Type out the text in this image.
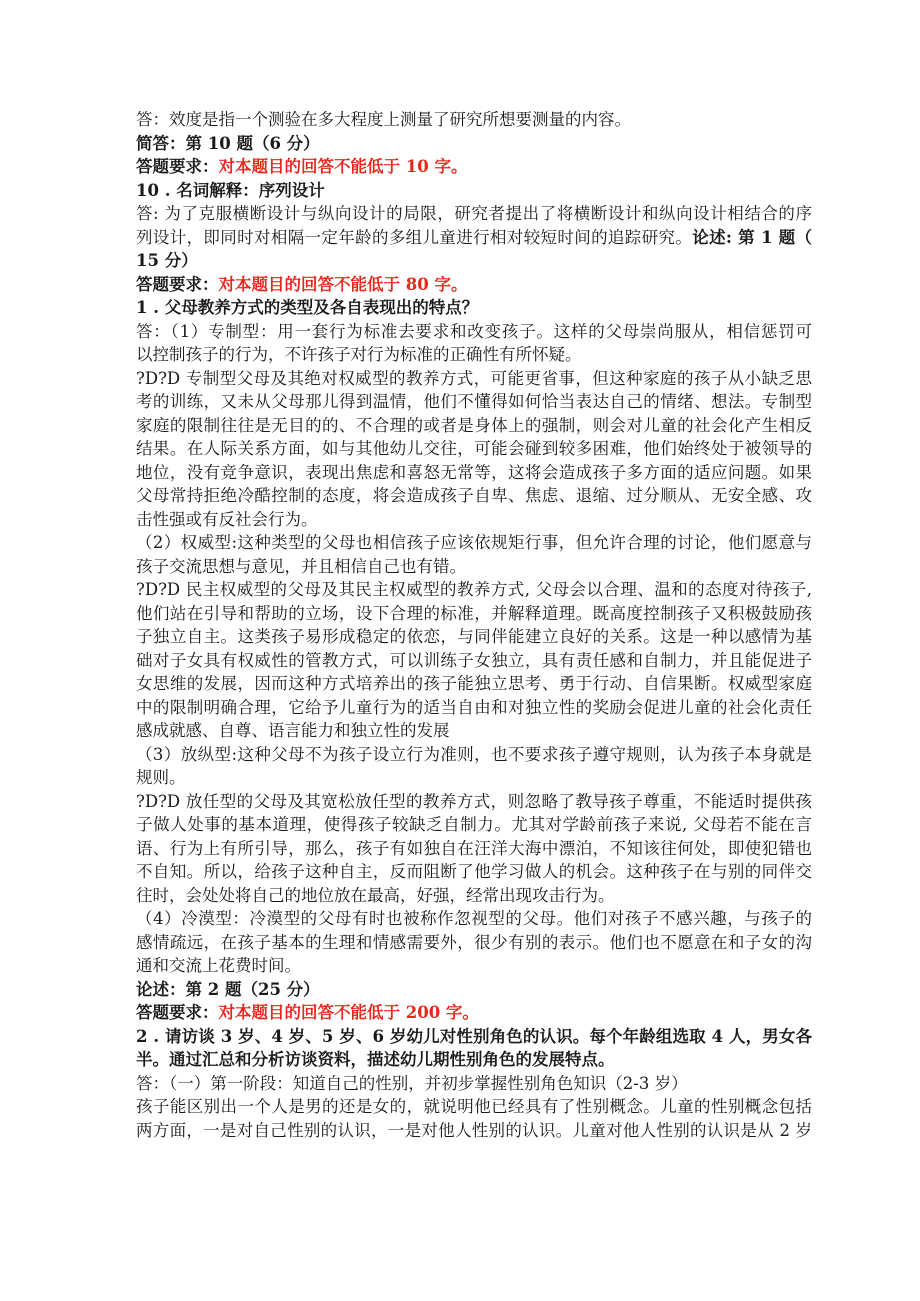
答：效度是指一个测验在多大程度上测量了研究所想要测量的内容。
简答：第 10 题（6 分）
答题要求：对本题目的回答不能低于 10 字。
10 . 名词解释：序列设计
答: 为了克服横断设计与纵向设计的局限，研究者提出了将横断设计和纵向设计相结合的序
列设计，即同时对相隔一定年龄的多组儿童进行相对较短时间的追踪研究。论述: 第 1 题（
15 分）
答题要求：对本题目的回答不能低于 80 字。
1 . 父母教养方式的类型及各自表现出的特点？
答：（1）专制型：用一套行为标准去要求和改变孩子。这样的父母崇尚服从，相信惩罚可
以控制孩子的行为，不许孩子对行为标准的正确性有所怀疑。
?D?D 专制型父母及其绝对权威型的教养方式，可能更省事，但这种家庭的孩子从小缺乏思
考的训练，又未从父母那儿得到温情，他们不懂得如何恰当表达自己的情绪、想法。专制型
家庭的限制往往是无目的的、不合理的或者是身体上的强制，则会对儿童的社会化产生相反
结果。在人际关系方面，如与其他幼儿交往，可能会碰到较多困难，他们始终处于被领导的
地位，没有竞争意识，表现出焦虑和喜怒无常等，这将会造成孩子多方面的适应问题。如果
父母常持拒绝冷酷控制的态度，将会造成孩子自卑、焦虑、退缩、过分顺从、无安全感、攻
击性强或有反社会行为。
（2）权威型:这种类型的父母也相信孩子应该依规矩行事，但允许合理的讨论，他们愿意与
孩子交流思想与意见，并且相信自己也有错。
?D?D 民主权威型的父母及其民主权威型的教养方式, 父母会以合理、温和的态度对待孩子,
他们站在引导和帮助的立场，设下合理的标准，并解释道理。既高度控制孩子又积极鼓励孩
子独立自主。这类孩子易形成稳定的依恋，与同伴能建立良好的关系。这是一种以感情为基
础对子女具有权威性的管教方式，可以训练子女独立，具有责任感和自制力，并且能促进子
女思维的发展，因而这种方式培养出的孩子能独立思考、勇于行动、自信果断。权威型家庭
中的限制明确合理，它给予儿童行为的适当自由和对独立性的奖励会促进儿童的社会化责任
感成就感、自尊、语言能力和独立性的发展
（3）放纵型:这种父母不为孩子设立行为准则，也不要求孩子遵守规则，认为孩子本身就是
规则。
?D?D 放任型的父母及其宽松放任型的教养方式，则忽略了教导孩子尊重，不能适时提供孩
子做人处事的基本道理，使得孩子较缺乏自制力。尤其对学龄前孩子来说, 父母若不能在言
语、行为上有所引导，那么，孩子有如独自在汪洋大海中漂泊，不知该往何处，即使犯错也
不自知。所以，给孩子这种自主，反而阻断了他学习做人的机会。这种孩子在与别的同伴交
往时，会处处将自己的地位放在最高，好强，经常出现攻击行为。
（4）冷漠型：冷漠型的父母有时也被称作忽视型的父母。他们对孩子不感兴趣，与孩子的
感情疏远，在孩子基本的生理和情感需要外，很少有别的表示。他们也不愿意在和子女的沟
通和交流上花费时间。
论述：第 2 题（25 分）
答题要求：对本题目的回答不能低于 200 字。
2 . 请访谈 3 岁、4 岁、5 岁、6 岁幼儿对性别角色的认识。每个年龄组选取 4 人，男女各
半。通过汇总和分析访谈资料，描述幼儿期性别角色的发展特点。
答：（一）第一阶段：知道自己的性别，并初步掌握性别角色知识（2-3 岁）
孩子能区别出一个人是男的还是女的，就说明他已经具有了性别概念。儿童的性别概念包括
两方面，一是对自己性别的认识，一是对他人性别的认识。儿童对他人性别的认识是从 2 岁
